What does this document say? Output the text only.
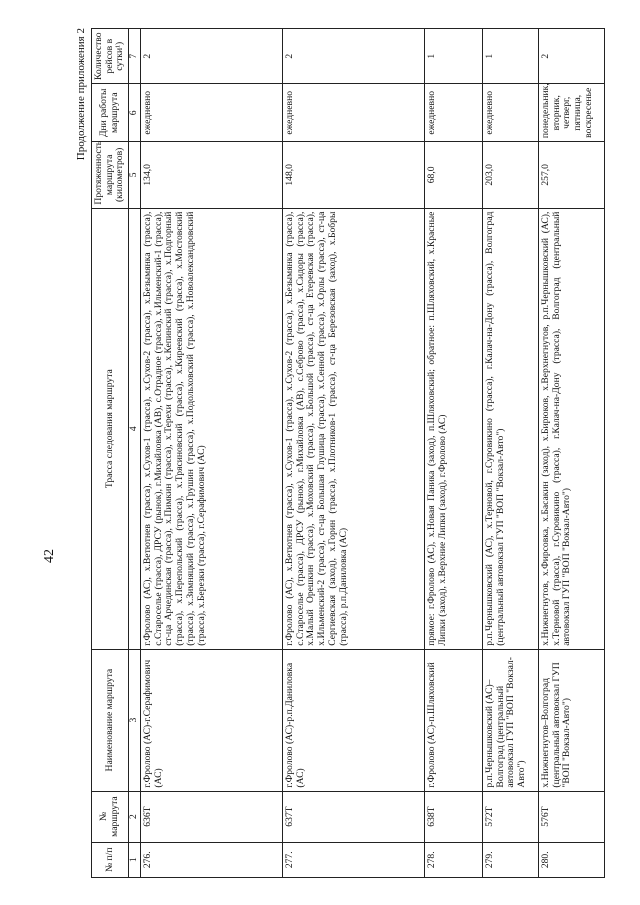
42
Продолжение приложения 2
№ п/п	№ маршрута	Наименование маршрута	Трасса следования маршрута	Протяженность маршрута (километров)	Дни работы маршрута	Количество рейсов в сутки¹)
1	2	3	4	5	6	7
276.	636Т	г.Фролово (АС)-г.Серафимович (АС)	г.Фролово (АС), х.Ветютнев (трасса), х.Сухов-1 (трасса), х.Сухов-2 (трасса), х.Безымянка (трасса), с.Староселье (трасса), ДРСУ (рынок), г.Михайловка (АВ), с.Отрадное (трасса), х.Ильменский-1 (трасса), ст-ца Арчединская (трасса), х.Пимкин (трасса), х.Терехи (трасса), х.Кепинский (трасса), х.Подгорный (трасса), х.Перепольский (трасса), х.Трясиновский (трасса), х.Киреевский (трасса), х.Мостовский (трасса), х.Зимняцкий (трасса), х.Грушин (трасса), х.Подольховский (трасса), х.Новоалександровский (трасса), х.Березки (трасса), г.Серафимович (АС)	134,0	ежедневно	2
277.	637Т	г.Фролово (АС)-р.п.Даниловка (АС)	г.Фролово (АС), х.Ветютнев (трасса), х.Сухов-1 (трасса), х.Сухов-2 (трасса), х.Безымянка (трасса), с.Староселье (трасса), ДРСУ (рынок), г.Михайловка (АВ), с.Себрово (трасса), х.Сидоры (трасса), х.Малый Орешкин (трасса), х.Моховский (трасса), х.Большой (трасса), ст-ца Етеревская (трасса), х.Ильменский-2 (трасса), ст-ца Большая Глушица (трасса), х.Сенной (трасса), х.Орлы (трасса), ст-ца Сергиевская (заход), х.Горин (трасса), х.Плотников-1 (трасса), ст-ца Березовская (заход), х.Бобры (трасса), р.п.Даниловка (АС)	148,0	ежедневно	2
278.	638Т	г.Фролово (АС)-п.Шляховский	прямое: г.Фролово (АС), х.Новая Паника (заход), п.Шляховский; обратное: п.Шляховский, х.Красные Липки (заход), х.Верхние Липки (заход), г.Фролово (АС)	68,0	ежедневно	1
279.	572Т	р.п.Чернышковский (АС)–Волгоград (центральный автовокзал ГУП "ВОП "Вокзал-Авто")	р.п.Чернышковский (АС), х.Терновой, г.Суровикино (трасса), г.Калач-на-Дону (трасса), Волгоград (центральный автовокзал ГУП "ВОП "Вокзал-Авто")	203,0	ежедневно	1
280.	576Т	х.Нижнегнутов–Волгоград (центральный автовокзал ГУП "ВОП "Вокзал-Авто")	х.Нижнегнутов, х.Фирсовка, х.Басакин (заход), х.Бирюков, х.Верхнегнутов, р.п.Чернышковский (АС), х.Терновой (трасса), г.Суровикино (трасса), г.Калач-на-Дону (трасса), Волгоград (центральный автовокзал ГУП "ВОП "Вокзал-Авто")	257,0	понедельник, вторник, четверг, пятница, воскресенье	2
